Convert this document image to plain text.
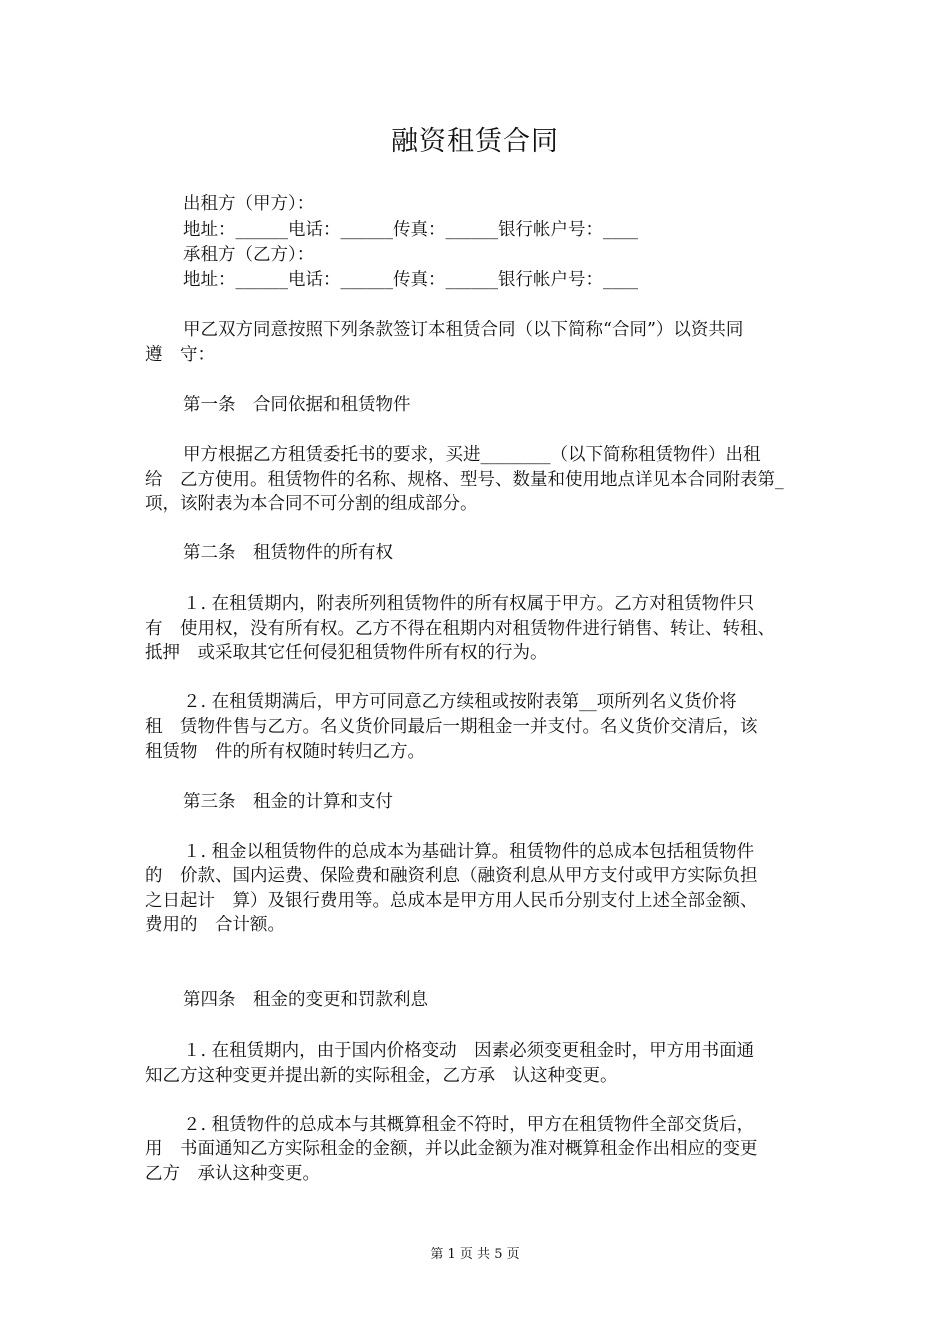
融资租赁合同
出租方（甲方）：
地址：______电话：______传真：______银行帐户号：____
承租方（乙方）：
地址：______电话：______传真：______银行帐户号：____
甲乙双方同意按照下列条款签订本租赁合同（以下简称“合同”）以资共同
遵　守：
第一条　合同依据和租赁物件
甲方根据乙方租赁委托书的要求，买进________（以下简称租赁物件）出租
给　乙方使用。租赁物件的名称、规格、型号、数量和使用地点详见本合同附表第_
项，该附表为本合同不可分割的组成部分。
第二条　租赁物件的所有权
１. 在租赁期内，附表所列租赁物件的所有权属于甲方。乙方对租赁物件只
有　使用权，没有所有权。乙方不得在租期内对租赁物件进行销售、转让、转租、
抵押　或采取其它任何侵犯租赁物件所有权的行为。
２. 在租赁期满后，甲方可同意乙方续租或按附表第__项所列名义货价将
租　赁物件售与乙方。名义货价同最后一期租金一并支付。名义货价交清后，该
租赁物　件的所有权随时转归乙方。
第三条　租金的计算和支付
１. 租金以租赁物件的总成本为基础计算。租赁物件的总成本包括租赁物件
的　价款、国内运费、保险费和融资利息（融资利息从甲方支付或甲方实际负担
之日起计　算）及银行费用等。总成本是甲方用人民币分别支付上述全部金额、
费用的　合计额。
第四条　租金的变更和罚款利息
１. 在租赁期内，由于国内价格变动　因素必须变更租金时，甲方用书面通
知乙方这种变更并提出新的实际租金，乙方承　认这种变更。
２. 租赁物件的总成本与其概算租金不符时，甲方在租赁物件全部交货后，
用　书面通知乙方实际租金的金额，并以此金额为准对概算租金作出相应的变更
乙方　承认这种变更。
第 1 页 共 5 页
